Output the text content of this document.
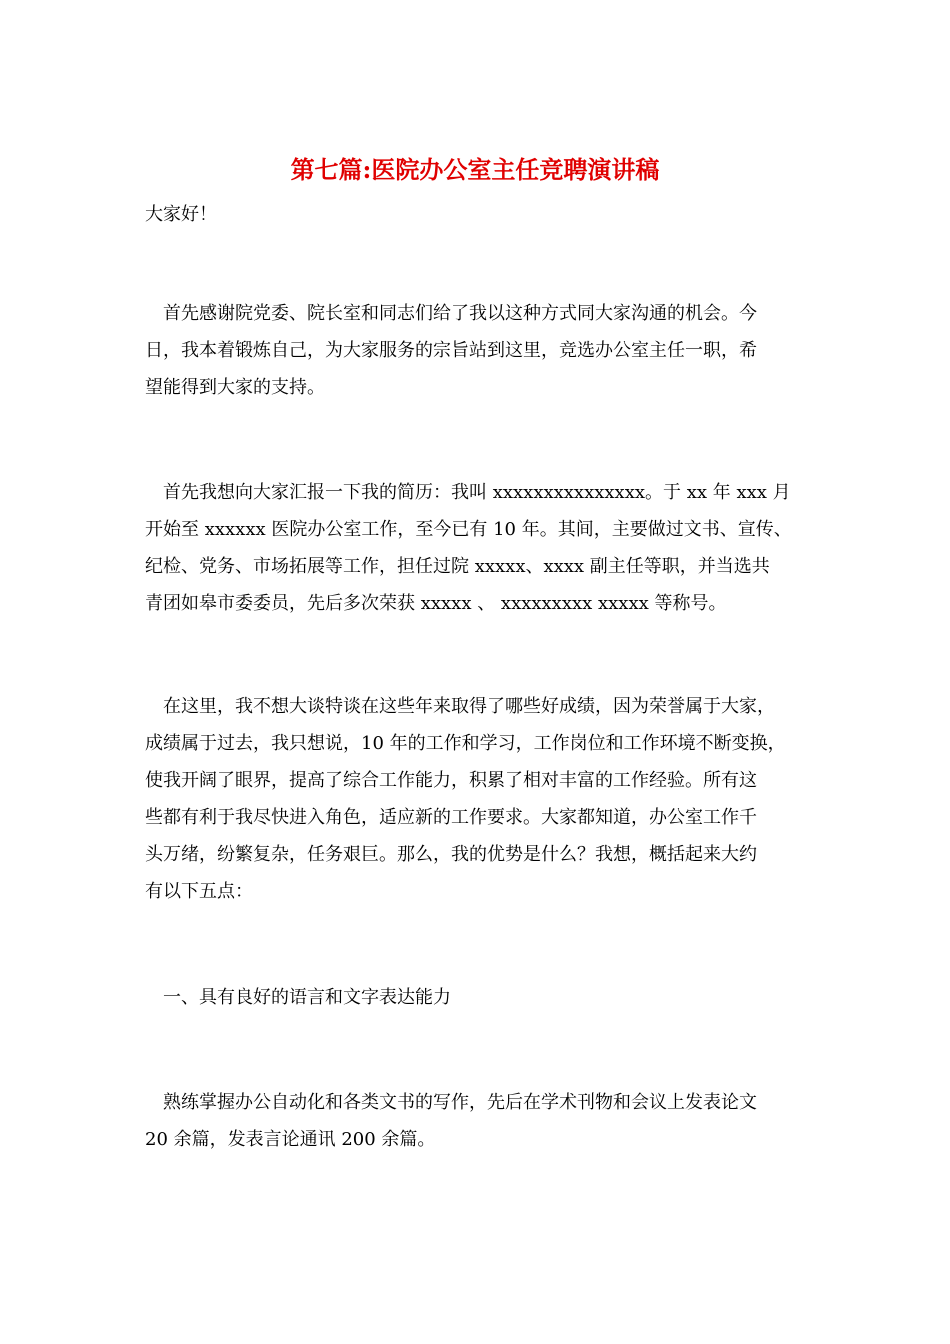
第七篇:医院办公室主任竞聘演讲稿

大家好！

首先感谢院党委、院长室和同志们给了我以这种方式同大家沟通的机会。今
日，我本着锻炼自己，为大家服务的宗旨站到这里，竞选办公室主任一职，希
望能得到大家的支持。

首先我想向大家汇报一下我的简历：我叫 xxxxxxxxxxxxxxx。于 xx 年 xxx 月
开始至 xxxxxx 医院办公室工作，至今已有 10 年。其间，主要做过文书、宣传、
纪检、党务、市场拓展等工作，担任过院 xxxxx、xxxx 副主任等职，并当选共
青团如皋市委委员，先后多次荣获 xxxxx 、 xxxxxxxxx xxxxx 等称号。

在这里，我不想大谈特谈在这些年来取得了哪些好成绩，因为荣誉属于大家，
成绩属于过去，我只想说，10 年的工作和学习，工作岗位和工作环境不断变换，
使我开阔了眼界，提高了综合工作能力，积累了相对丰富的工作经验。所有这
些都有利于我尽快进入角色，适应新的工作要求。大家都知道，办公室工作千
头万绪，纷繁复杂，任务艰巨。那么，我的优势是什么？我想，概括起来大约
有以下五点：

一、具有良好的语言和文字表达能力

熟练掌握办公自动化和各类文书的写作，先后在学术刊物和会议上发表论文
20 余篇，发表言论通讯 200 余篇。
